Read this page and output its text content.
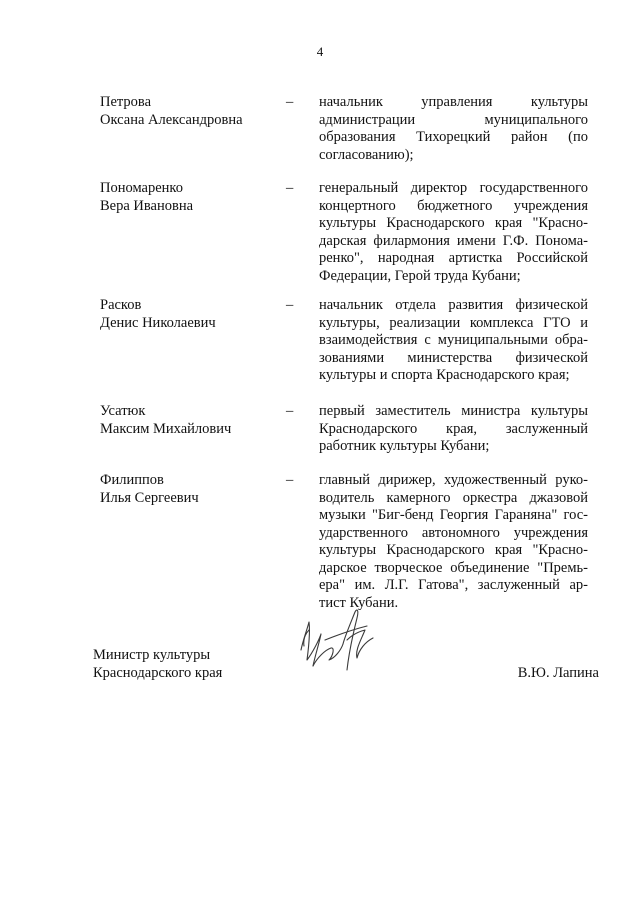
4
Петрова
Оксана Александровна
– начальник управления культуры
администрации муниципального
образования Тихорецкий район (по
согласованию);
Пономаренко
Вера Ивановна
– генеральный директор государственного
концертного бюджетного учреждения
культуры Краснодарского края "Красно-
дарская филармония имени Г.Ф. Понома-
ренко", народная артистка Российской
Федерации, Герой труда Кубани;
Расков
Денис Николаевич
– начальник отдела развития физической
культуры, реализации комплекса ГТО и
взаимодействия с муниципальными обра-
зованиями министерства физической
культуры и спорта Краснодарского края;
Усатюк
Максим Михайлович
– первый заместитель министра культуры
Краснодарского края, заслуженный
работник культуры Кубани;
Филиппов
Илья Сергеевич
– главный дирижер, художественный руко-
водитель камерного оркестра джазовой
музыки "Биг-бенд Георгия Гараняна" гос-
ударственного автономного учреждения
культуры Краснодарского края "Красно-
дарское творческое объединение "Премь-
ера" им. Л.Г. Гатова", заслуженный ар-
тист Кубани.
Министр культуры
Краснодарского края	В.Ю. Лапина
